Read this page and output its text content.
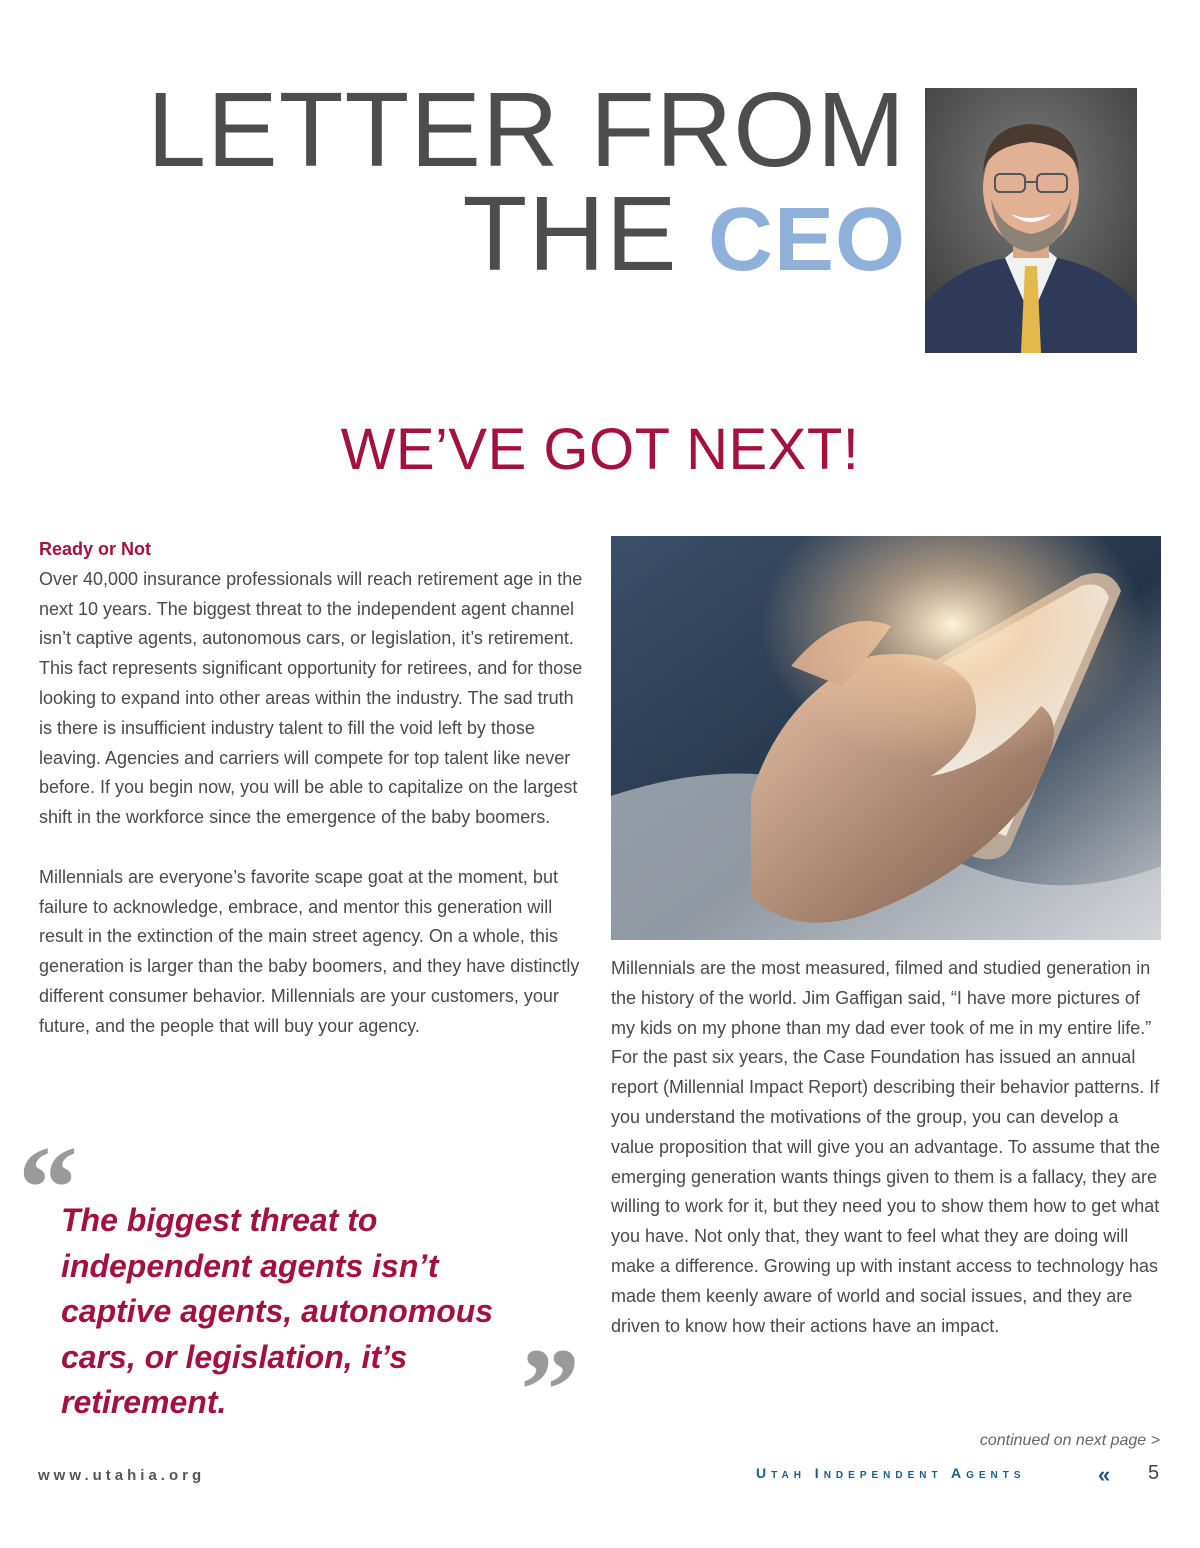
LETTER FROM
THE CEO
WE’VE GOT NEXT!
Ready or Not

Over 40,000 insurance professionals will reach retirement age in the next 10 years. The biggest threat to the independent agent channel isn’t captive agents, autonomous cars, or legislation, it’s retirement. This fact represents significant opportunity for retirees, and for those looking to expand into other areas within the industry. The sad truth is there is insufficient industry talent to fill the void left by those leaving. Agencies and carriers will compete for top talent like never before. If you begin now, you will be able to capitalize on the largest shift in the workforce since the emergence of the baby boomers.

Millennials are everyone’s favorite scape goat at the moment, but failure to acknowledge, embrace, and mentor this generation will result in the extinction of the main street agency. On a whole, this generation is larger than the baby boomers, and they have distinctly different consumer behavior. Millennials are your customers, your future, and the people that will buy your agency.

Millennials are the most measured, filmed and studied generation in the history of the world. Jim Gaffigan said, “I have more pictures of my kids on my phone than my dad ever took of me in my entire life.” For the past six years, the Case Foundation has issued an annual report (Millennial Impact Report) describing their behavior patterns. If you understand the motivations of the group, you can develop a value proposition that will give you an advantage. To assume that the emerging generation wants things given to them is a fallacy, they are willing to work for it, but they need you to show them how to get what you have. Not only that, they want to feel what they are doing will make a difference. Growing up with instant access to technology has made them keenly aware of world and social issues, and they are driven to know how their actions have an impact.

“
The biggest threat to independent agents isn’t captive agents, autonomous cars, or legislation, it’s retirement.	”	continued on next page >
www.utahia.org	Utah Independent Agents	« 5
